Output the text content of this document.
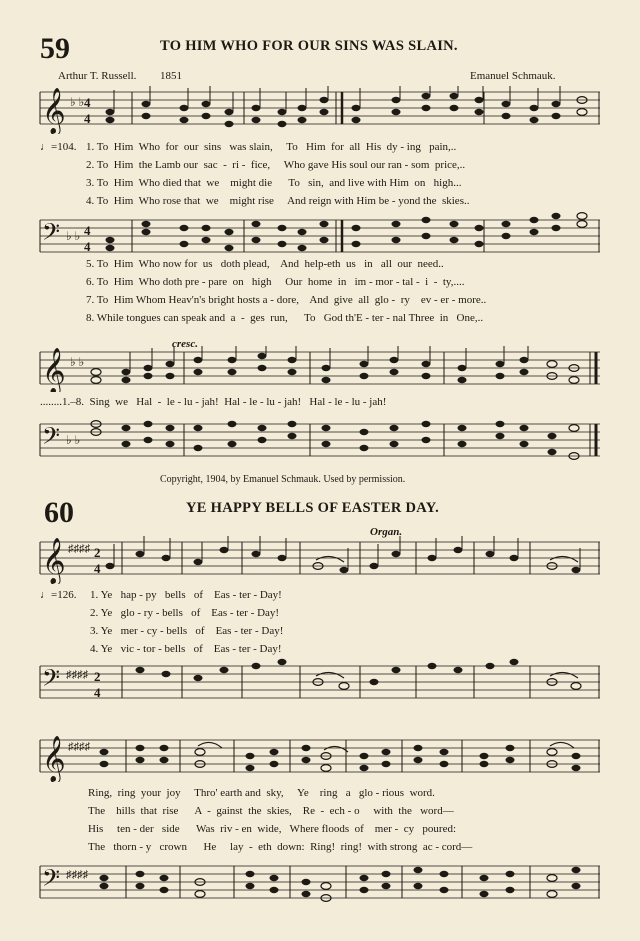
59	TO HIM WHO FOR OUR SINS WAS SLAIN.
Arthur T. Russell. 1851	Emanuel Schmauk.
𝄞 ♭ ♭ 4
4
♩=104. 1. To  Him  Who  for  our  sins   was slain,     To   Him  for  all  His  dy - ing   pain,..
2. To  Him  the Lamb our  sac  -  ri -  fice,     Who gave His soul our ran - som  price,..
3. To  Him  Who died that  we    might die      To   sin,  and live with Him  on   high...
4. To  Him  Who rose that  we    might rise     And reign with Him be - yond the  skies..
𝄢 ♭ ♭ 4
4
5. To  Him  Who now for  us   doth plead,    And  help-eth  us   in   all  our  need..
6. To  Him  Who doth pre - pare  on   high     Our  home  in   im - mor - tal -  i  -  ty,....
7. To  Him Whom Heav'n's bright hosts a - dore,    And  give  all  glo -  ry    ev - er - more..
8. While tongues can speak and  a  -  ges  run,      To   God th'E - ter - nal Three  in   One,..
cresc.
𝄞 ♭ ♭
........1.–8.  Sing  we   Hal  -  le - lu - jah!  Hal - le - lu - jah!   Hal - le - lu - jah!
𝄢 ♭ ♭
Copyright, 1904, by Emanuel Schmauk. Used by permission.
60	YE HAPPY BELLS OF EASTER DAY.
Organ.
𝄞 ♯♯♯♯ 2
4
♩=126. 1. Ye   hap - py   bells   of    Eas - ter - Day!
2. Ye   glo - ry - bells   of    Eas - ter - Day!
3. Ye   mer - cy - bells   of    Eas - ter - Day!
4. Ye   vic - tor - bells   of    Eas - ter - Day!
𝄢 ♯♯♯♯ 2
4
𝄞 ♯♯♯♯
Ring,  ring  your  joy     Thro' earth and  sky,     Ye    ring   a   glo - rious  word.
The    hills  that  rise      A  -  gainst  the  skies,    Re  -  ech - o     with  the   word—
His     ten - der   side      Was  riv - en  wide,   Where floods  of    mer -  cy   poured:
The   thorn - y   crown      He     lay  -  eth  down:  Ring!  ring!  with strong  ac - cord—
𝄢 ♯♯♯♯
